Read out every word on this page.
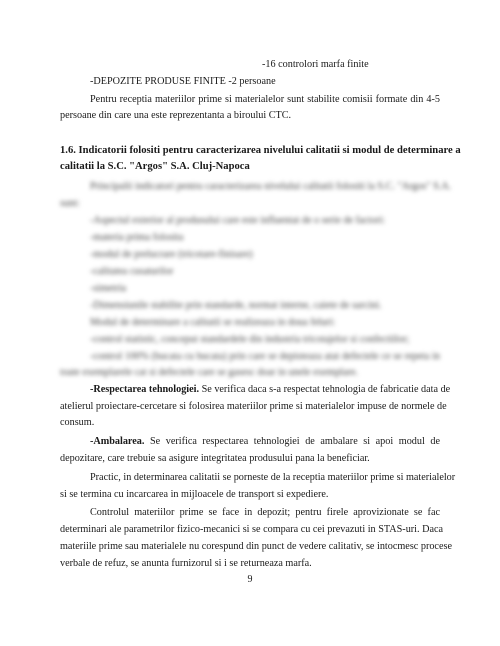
-16 controlori marfa finite
-DEPOZITE PRODUSE FINITE -2 persoane
Pentru receptia materiilor prime si materialelor sunt stabilite comisii formate din 4-5
persoane din care una este reprezentanta a biroului CTC.
1.6. Indicatorii folositi pentru caracterizarea nivelului calitatii si modul de determinare a
calitatii la S.C. "Argos" S.A. Cluj-Napoca
Principalii indicatori pentru caracterizarea nivelului calitatii folositi la S.C. "Argos" S.A.
sunt:
-Aspectul exterior al produsului care este influentat de o serie de factori:
-materia prima folosita
-modul de prelucrare (tricotare-finisare)
-calitatea cusaturilor
-simetria
-Dimensiunile stabilite prin standarde, normat interne, caiete de sarcini.
Modul de determinare a calitatii se realizeaza in doua feluri:
-control statistic, conceput standardele din industria tricotajelor si confectiilor;
-control 100% (bucata cu bucata) prin care se depisteaza atat defectele ce se repeta in
toate exemplarele cat si defectele care se gasesc doar in unele exemplare.
-Respectarea tehnologiei. Se verifica daca s-a respectat tehnologia de fabricatie data de
atelierul proiectare-cercetare si folosirea materiilor prime si materialelor impuse de normele de
consum.
-Ambalarea. Se verifica respectarea tehnologiei de ambalare si apoi modul de
depozitare, care trebuie sa asigure integritatea produsului pana la beneficiar.
Practic, in determinarea calitatii se porneste de la receptia materiilor prime si materialelor
si se termina cu incarcarea in mijloacele de transport si expediere.
Controlul materiilor prime se face in depozit; pentru firele aprovizionate se fac
determinari ale parametrilor fizico-mecanici si se compara cu cei prevazuti in STAS-uri. Daca
materiile prime sau materialele nu corespund din punct de vedere calitativ, se intocmesc procese
verbale de refuz, se anunta furnizorul si i se returneaza marfa.
9
